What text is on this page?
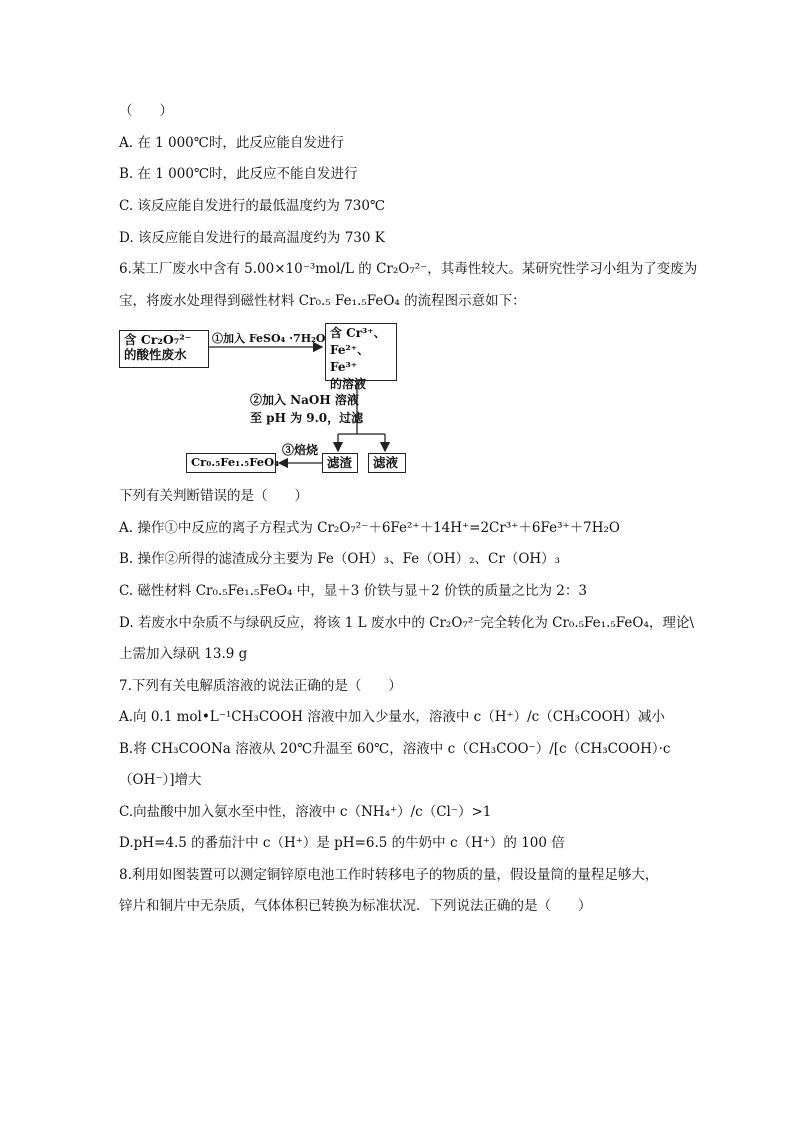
（　　）
A. 在 1 000℃时，此反应能自发进行
B. 在 1 000℃时，此反应不能自发进行
C. 该反应能自发进行的最低温度约为 730℃
D. 该反应能自发进行的最高温度约为 730 K
6.某工厂废水中含有 5.00×10⁻³mol/L 的 Cr₂O₇²⁻，其毒性较大。某研究性学习小组为了变废为
宝，将废水处理得到磁性材料 Cr₀.₅ Fe₁.₅FeO₄ 的流程图示意如下：
含 Cr₂O₇²⁻
的酸性废水
①加入 FeSO₄ ·7H₂O 含 Cr³⁺、
Fe²⁺、Fe³⁺
的溶液
②加入 NaOH 溶液
至 pH 为 9.0，过滤
滤渣	滤液
③焙烧
Cr₀.₅Fe₁.₅FeO₄
下列有关判断错误的是（　　）
A. 操作①中反应的离子方程式为 Cr₂O₇²⁻＋6Fe²⁺＋14H⁺=2Cr³⁺＋6Fe³⁺＋7H₂O
B. 操作②所得的滤渣成分主要为 Fe（OH）₃、Fe（OH）₂、Cr（OH）₃
C. 磁性材料 Cr₀.₅Fe₁.₅FeO₄ 中，显＋3 价铁与显＋2 价铁的质量之比为 2：3
D. 若废水中杂质不与绿矾反应，将该 1 L 废水中的 Cr₂O₇²⁻完全转化为 Cr₀.₅Fe₁.₅FeO₄，理论\
上需加入绿矾 13.9 g
7.下列有关电解质溶液的说法正确的是（　　）
A.向 0.1 mol•L⁻¹CH₃COOH 溶液中加入少量水，溶液中 c（H⁺）/c（CH₃COOH）减小
B.将 CH₃COONa 溶液从 20℃升温至 60℃，溶液中 c（CH₃COO⁻）/[c（CH₃COOH）·c
（OH⁻）]增大
C.向盐酸中加入氨水至中性，溶液中 c（NH₄⁺）/c（Cl⁻）>1
D.pH=4.5 的番茄汁中 c（H⁺）是 pH=6.5 的牛奶中 c（H⁺）的 100 倍
8.利用如图装置可以测定铜锌原电池工作时转移电子的物质的量，假设量筒的量程足够大，
锌片和铜片中无杂质，气体体积已转换为标准状况．下列说法正确的是（　　）
